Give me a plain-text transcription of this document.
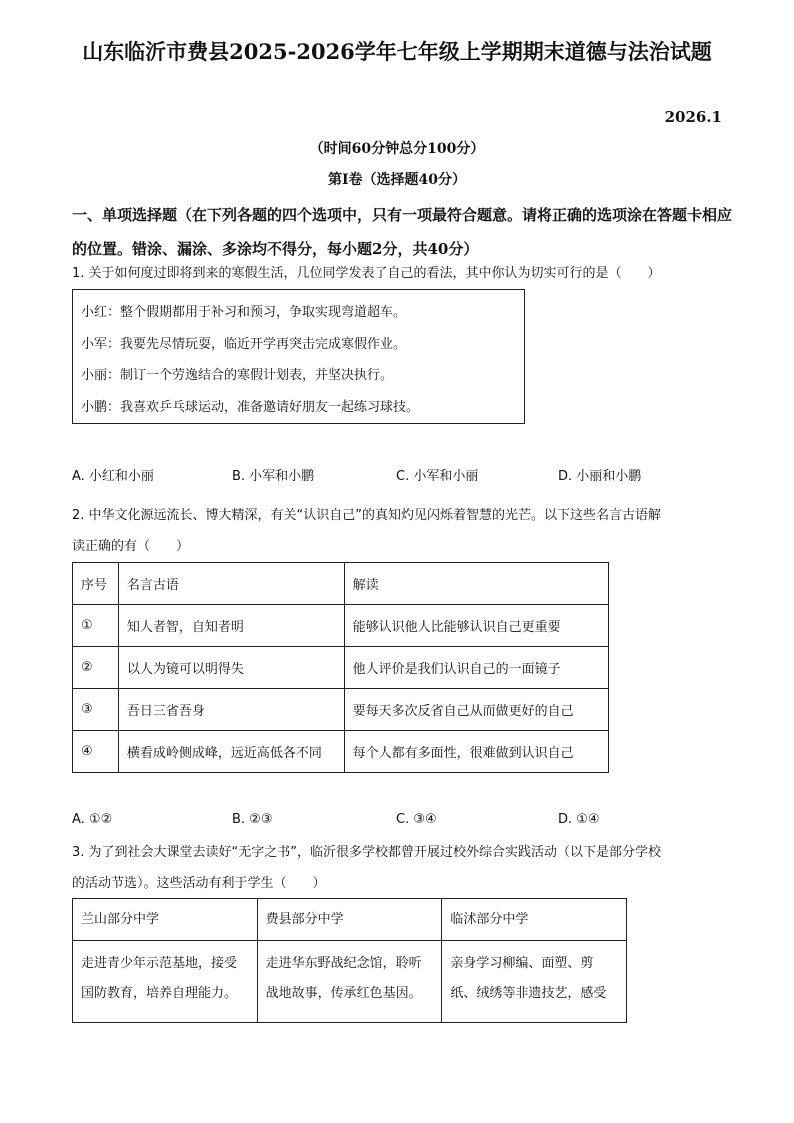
山东临沂市费县2025-2026学年七年级上学期期末道德与法治试题
2026.1
（时间60分钟总分100分）
第Ⅰ卷（选择题40分）
一、单项选择题（在下列各题的四个选项中，只有一项最符合题意。请将正确的选项涂在答题卡相应的位置。错涂、漏涂、多涂均不得分，每小题2分，共40分）
1. 关于如何度过即将到来的寒假生活，几位同学发表了自己的看法，其中你认为切实可行的是（　　）
小红：整个假期都用于补习和预习，争取实现弯道超车。
小军：我要先尽情玩耍，临近开学再突击完成寒假作业。
小丽：制订一个劳逸结合的寒假计划表，并坚决执行。
小鹏：我喜欢乒乓球运动，准备邀请好朋友一起练习球技。
A. 小红和小丽	B. 小军和小鹏	C. 小军和小丽	D. 小丽和小鹏
2. 中华文化源远流长、博大精深，有关“认识自己”的真知灼见闪烁着智慧的光芒。以下这些名言古语解
读正确的有（　　）
序号	名言古语	解读
①	知人者智，自知者明	能够认识他人比能够认识自己更重要
②	以人为镜可以明得失	他人评价是我们认识自己的一面镜子
③	吾日三省吾身	要每天多次反省自己从而做更好的自己
④	横看成岭侧成峰，远近高低各不同	每个人都有多面性，很难做到认识自己
A. ①②	B. ②③	C. ③④	D. ①④
3. 为了到社会大课堂去读好“无字之书”，临沂很多学校都曾开展过校外综合实践活动（以下是部分学校
的活动节选）。这些活动有利于学生（　　）
兰山部分中学	费县部分中学	临沭部分中学
走进青少年示范基地，接受国防教育，培养自理能力。	走进华东野战纪念馆，聆听战地故事，传承红色基因。	亲身学习柳编、面塑、剪纸、绒绣等非遗技艺，感受
